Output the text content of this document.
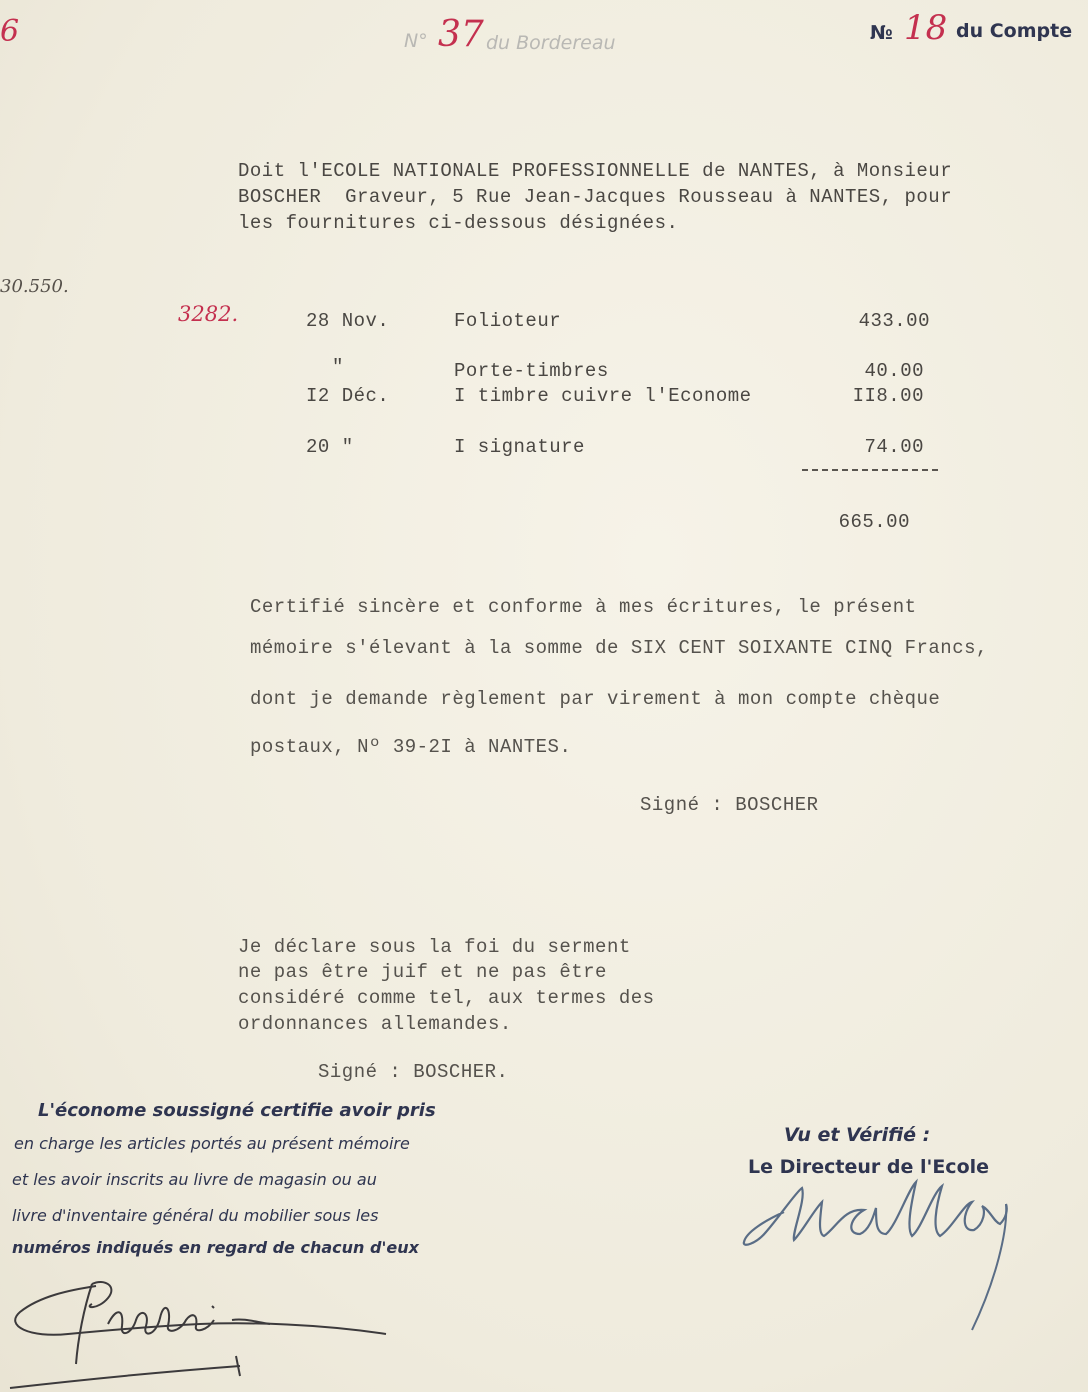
6	N° 37 du Bordereau	№ 18 du Compte
Doit l'ECOLE NATIONALE PROFESSIONNELLE de NANTES, à Monsieur
BOSCHER  Graveur, 5 Rue Jean-Jacques Rousseau à NANTES, pour
les fournitures ci-dessous désignées.
30.550.
3282.	28 Nov.	Folioteur	433.00
"	Porte-timbres	40.00
I2 Déc.	I timbre cuivre l'Econome	II8.00
20 "	I signature	74.00
665.00
Certifié sincère et conforme à mes écritures, le présent
mémoire s'élevant à la somme de SIX CENT SOIXANTE CINQ Francs,
dont je demande règlement par virement à mon compte chèque
postaux, Nº 39-2I à NANTES.
Signé : BOSCHER
Je déclare sous la foi du serment
ne pas être juif et ne pas être
considéré comme tel, aux termes des
ordonnances allemandes.
Signé : BOSCHER.
L'économe soussigné certifie avoir pris
en charge les articles portés au présent mémoire
et les avoir inscrits au livre de magasin ou au
livre d'inventaire général du mobilier sous les
numéros indiqués en regard de chacun d'eux
Vu et Vérifié :
Le Directeur de l'Ecole
